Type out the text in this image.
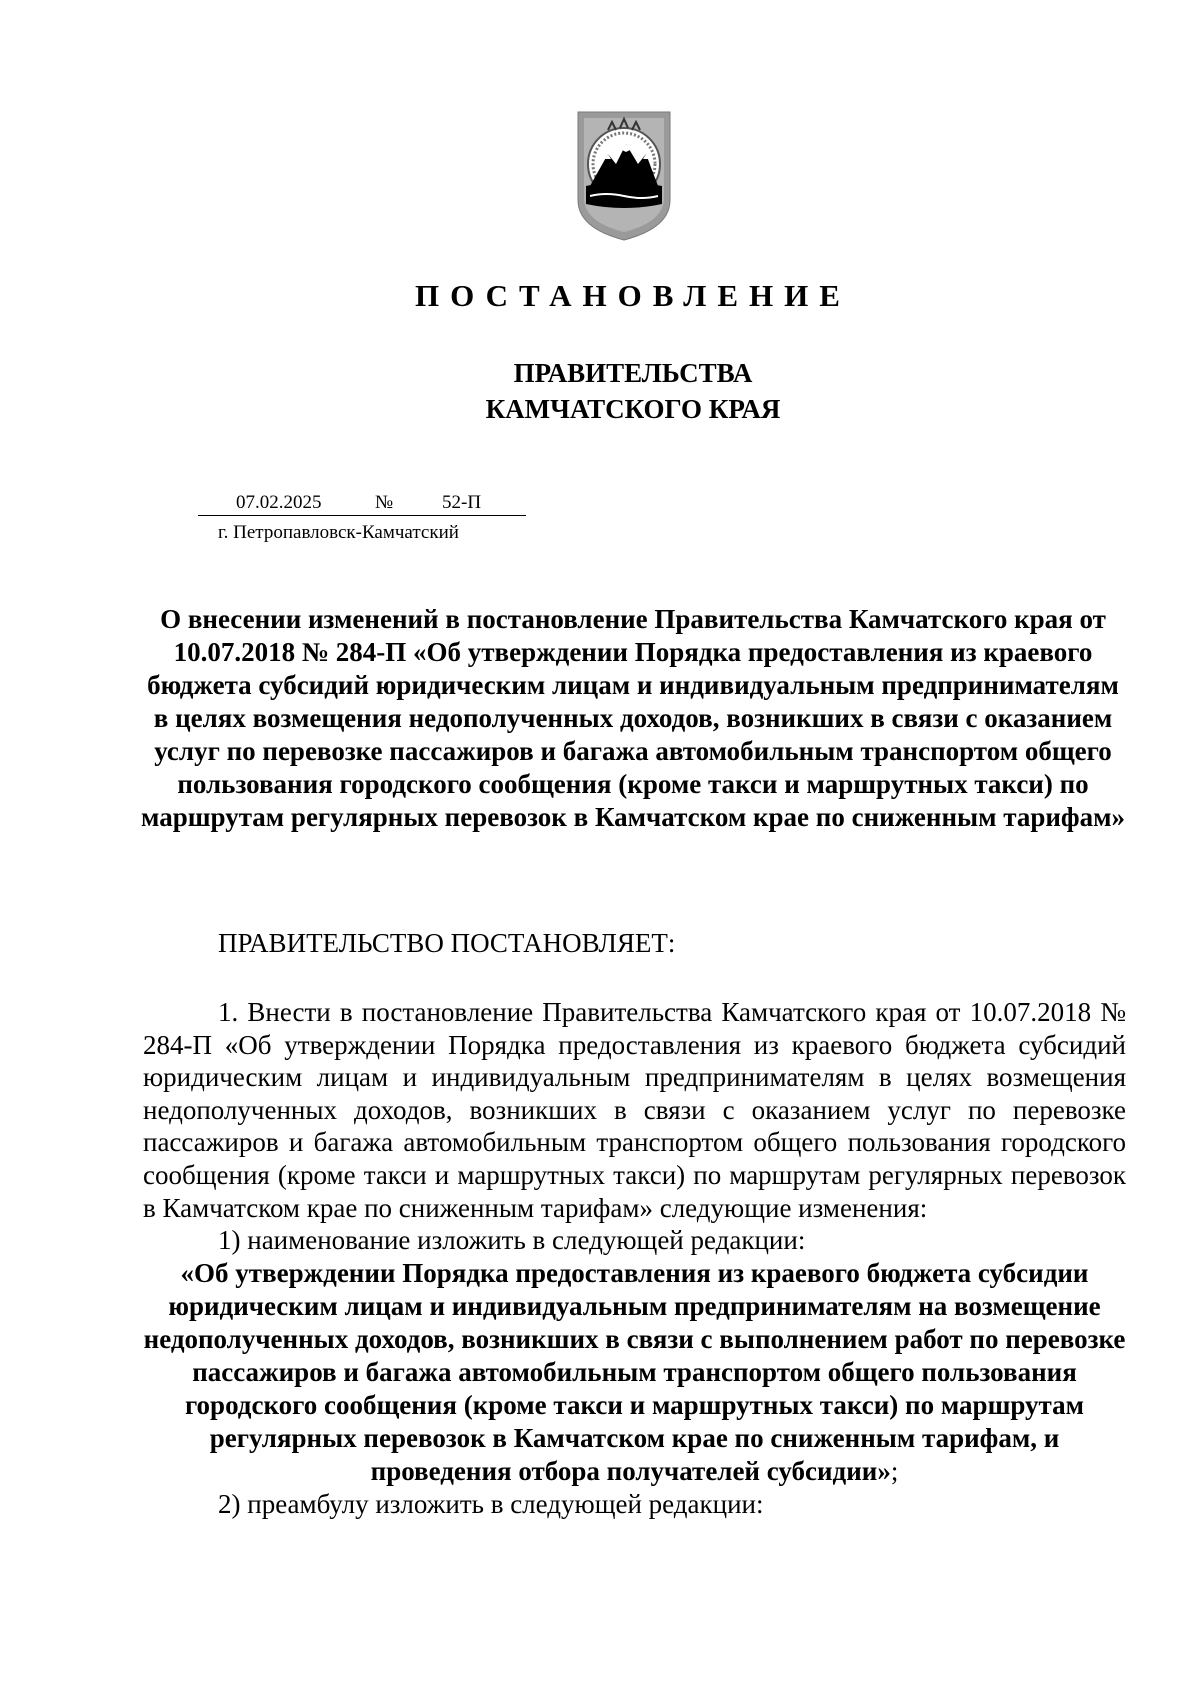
ПОСТАНОВЛЕНИЕ
ПРАВИТЕЛЬСТВА
КАМЧАТСКОГО КРАЯ
07.02.2025	№	52-П
г. Петропавловск-Камчатский
О внесении изменений в постановление Правительства Камчатского края от 10.07.2018 № 284-П «Об утверждении Порядка предоставления из краевого бюджета субсидий юридическим лицам и индивидуальным предпринимателям в целях возмещения недополученных доходов, возникших в связи с оказанием услуг по перевозке пассажиров и багажа автомобильным транспортом общего пользования городского сообщения (кроме такси и маршрутных такси) по маршрутам регулярных перевозок в Камчатском крае по сниженным тарифам»
ПРАВИТЕЛЬСТВО ПОСТАНОВЛЯЕТ:

1. Внести в постановление Правительства Камчатского края от 10.07.2018 № 284-П «Об утверждении Порядка предоставления из краевого бюджета субсидий юридическим лицам и индивидуальным предпринимателям в целях возмещения недополученных доходов, возникших в связи с оказанием услуг по перевозке пассажиров и багажа автомобильным транспортом общего пользования городского сообщения (кроме такси и маршрутных такси) по маршрутам регулярных перевозок в Камчатском крае по сниженным тарифам» следующие изменения:

1) наименование изложить в следующей редакции:

«Об утверждении Порядка предоставления из краевого бюджета субсидии юридическим лицам и индивидуальным предпринимателям на возмещение недополученных доходов, возникших в связи с выполнением работ по перевозке пассажиров и багажа автомобильным транспортом общего пользования городского сообщения (кроме такси и маршрутных такси) по маршрутам регулярных перевозок в Камчатском крае по сниженным тарифам, и проведения отбора получателей субсидии»;

2) преамбулу изложить в следующей редакции:
